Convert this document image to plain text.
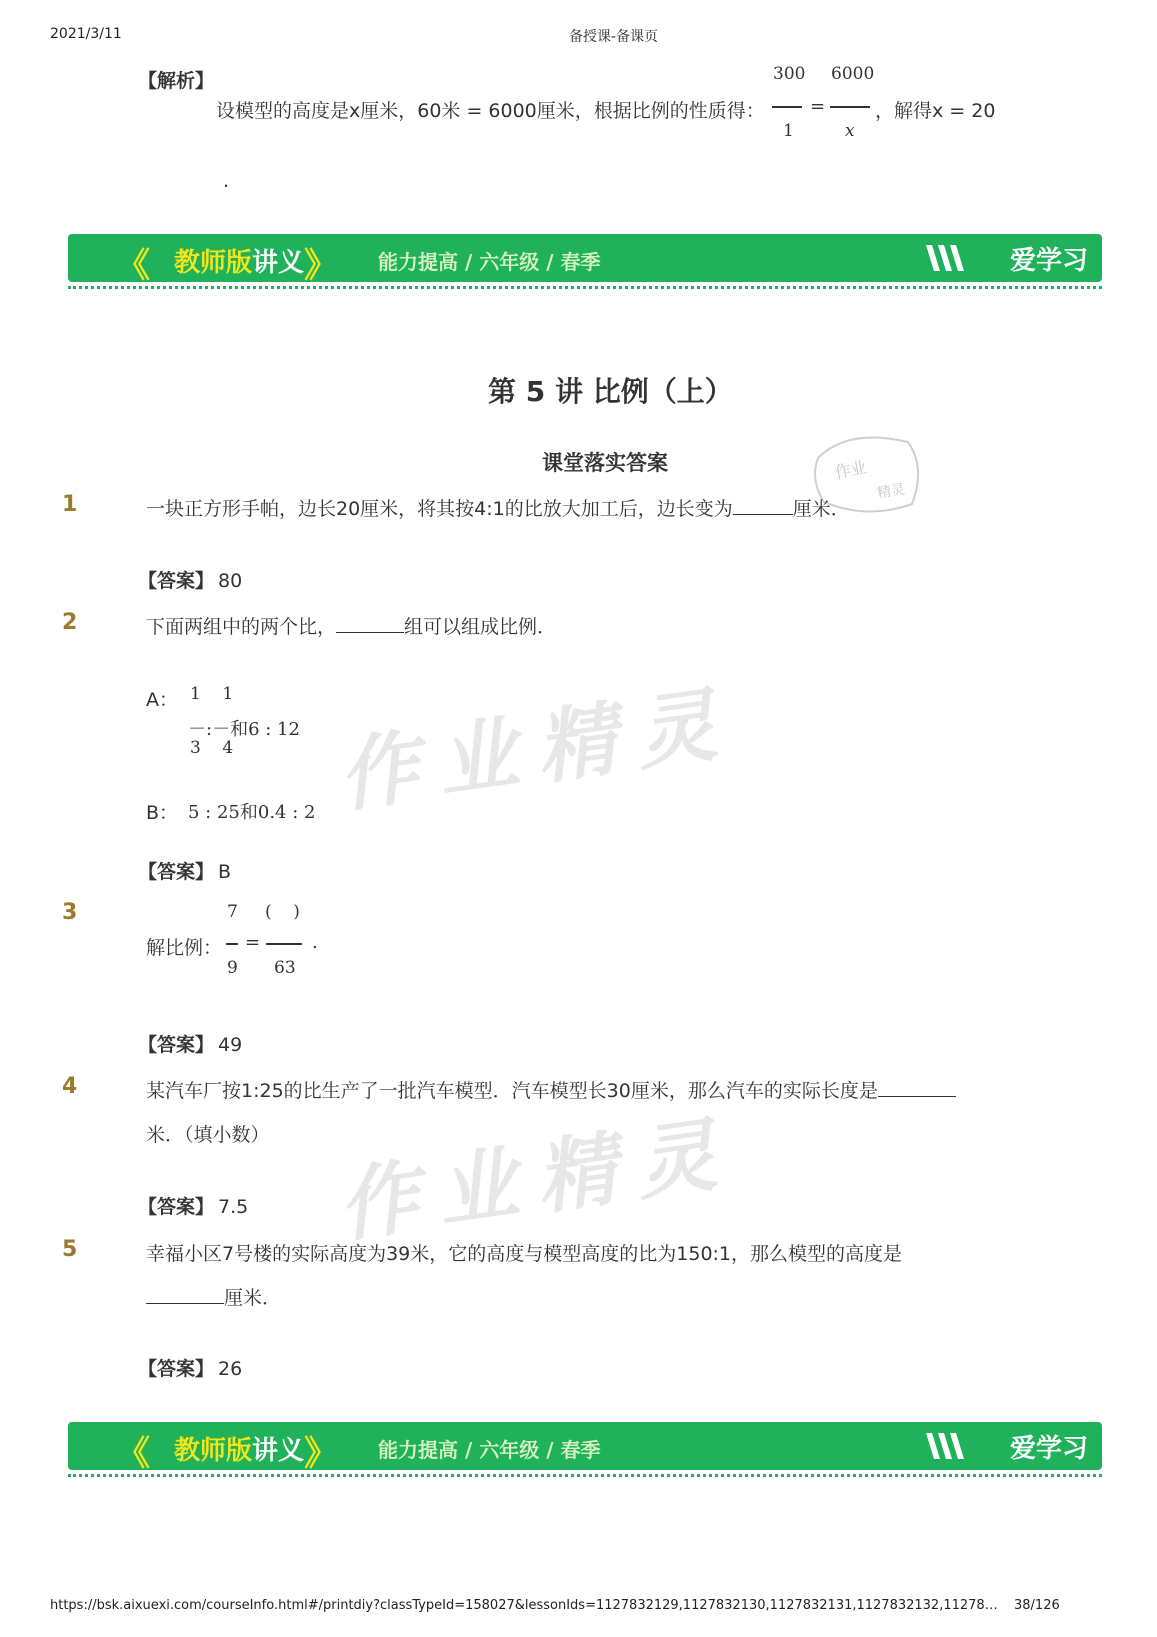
2021/3/11	备授课-备课页
【解析】
设模型的高度是x厘米，60米 = 6000厘米，根据比例的性质得：
300
1
=
6000
x
，解得x = 20
.
《 教师版讲义 》 能力提高 / 六年级 / 春季	爱学习
第 5 讲 比例（上）
课堂落实答案	作业
精灵
1	一块正方形手帕，边长20厘米，将其按4:1的比放大加工后，边长变为	厘米．
【答案】 80
2	下面两组中的两个比，	组可以组成比例．
A： 1    1
－:－和6 : 12
3    4
B： 5 : 25和0.4 : 2
【答案】 B
3	7 (    )
解比例： =	.
9 63
【答案】 49
4	某汽车厂按1:25的比生产了一批汽车模型．汽车模型长30厘米，那么汽车的实际长度是
米．（填小数）
【答案】 7.5
5	幸福小区7号楼的实际高度为39米，它的高度与模型高度的比为150:1，那么模型的高度是
厘米．
【答案】 26
作业精灵
作业精灵
《 教师版讲义 》 能力提高 / 六年级 / 春季	爱学习
https://bsk.aixuexi.com/courseInfo.html#/printdiy?classTypeId=158027&lessonIds=1127832129,1127832130,1127832131,1127832132,11278… 38/126
